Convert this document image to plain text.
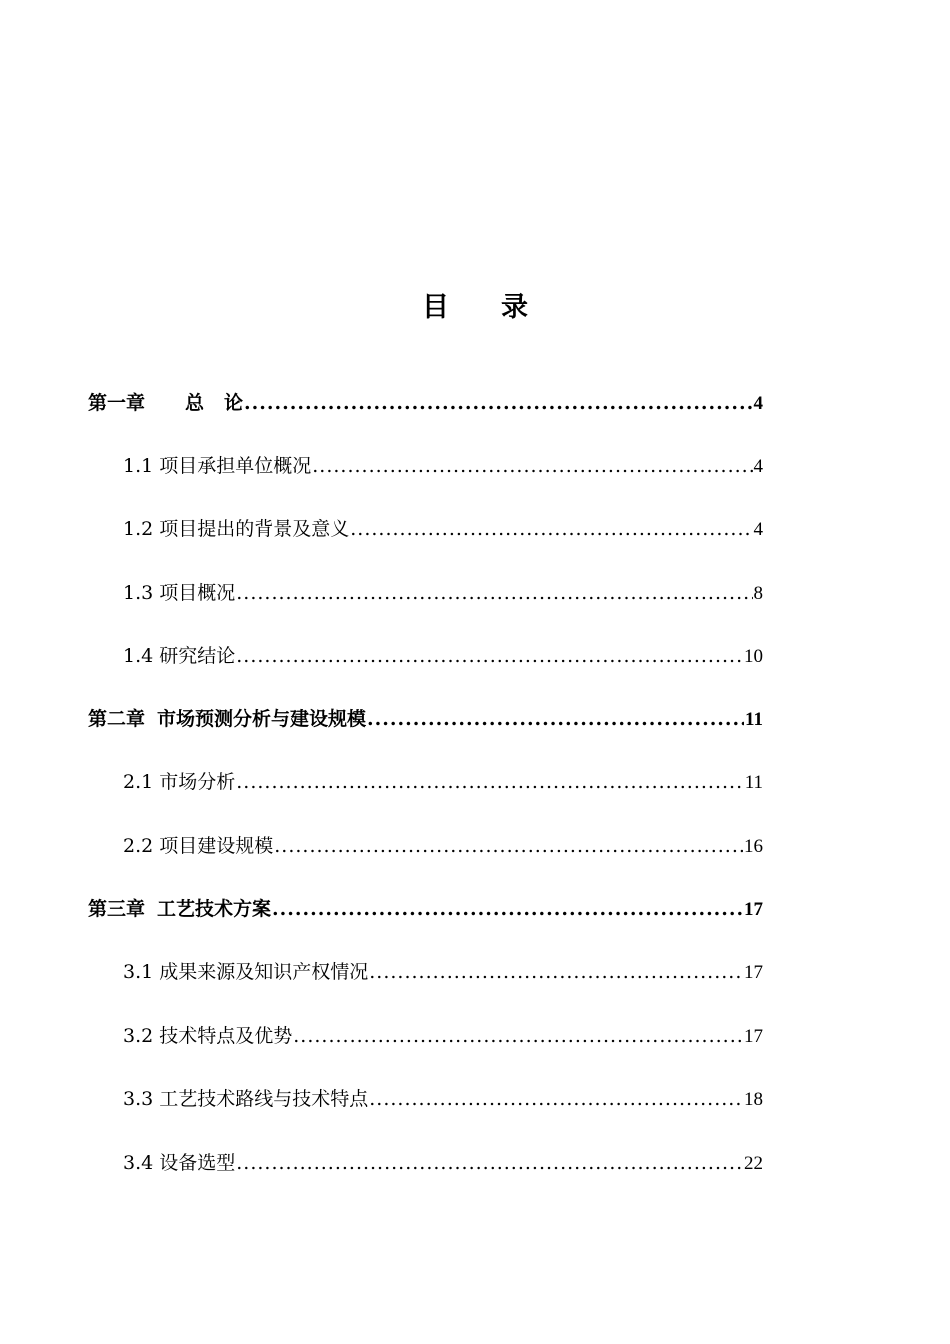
目 录
第一章 总 论 .....	4
1.1 项目承担单位概况 .....	4
1.2 项目提出的背景及意义 .....	4
1.3 项目概况 .....	8
1.4 研究结论 .....	10
第二章 市场预测分析与建设规模 .....	11
2.1 市场分析 .....	11
2.2 项目建设规模 .....	16
第三章 工艺技术方案 .....	17
3.1 成果来源及知识产权情况 .....	17
3.2 技术特点及优势 .....	17
3.3 工艺技术路线与技术特点 .....	18
3.4 设备选型 .....	22
